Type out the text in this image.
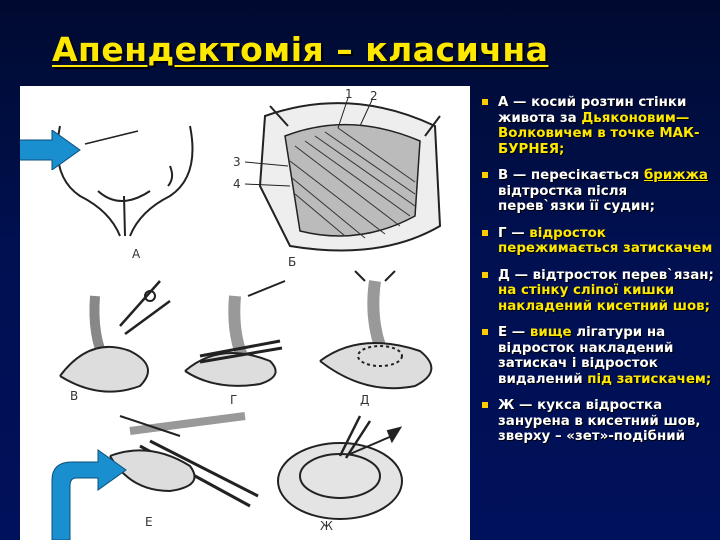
Апендектомія – класична
А
1 2
3
4
Б
В	Г	Д
Е	Ж
А — косий розтин стінки живота за Дьяконовим—Волковичем в точке МАК-БУРНЕЯ;
В — пересікається брижжа відтростка після перев`язки її судин;
Г — відросток пережимається затискачем
Д — відтросток перев`язан; на стінку сліпої кишки накладений кисетний шов;
Е — вище лігатури на відросток накладений затискач і відросток видалений під затискачем;
Ж — кукса відростка занурена в кисетний шов, зверху – «зет»-подібний
